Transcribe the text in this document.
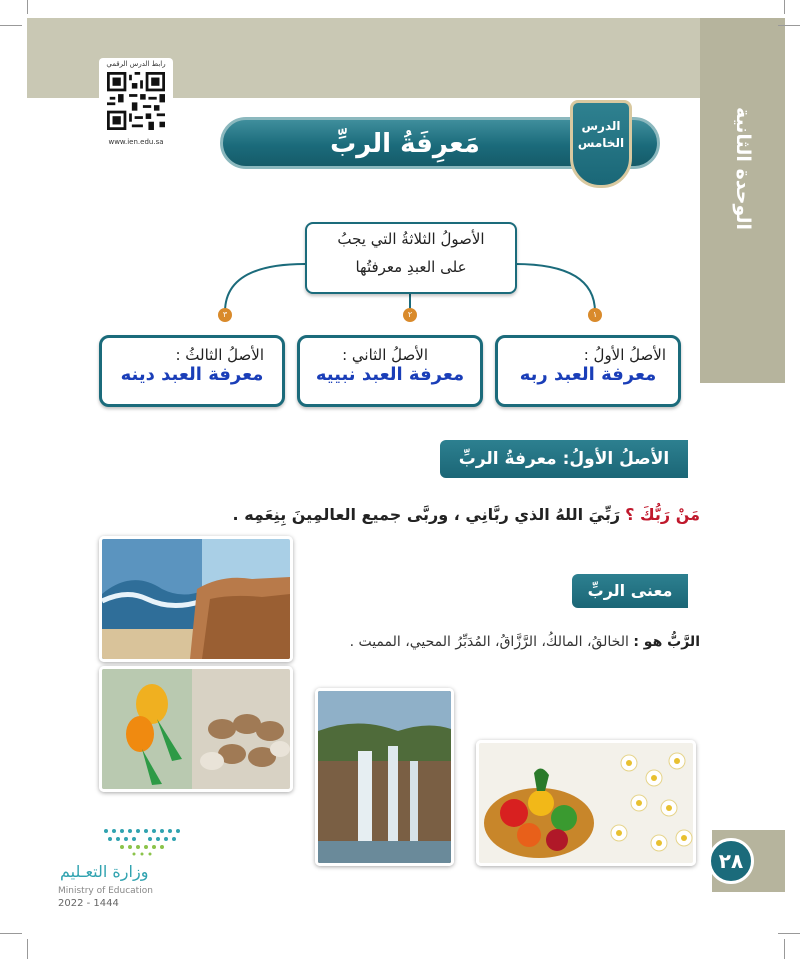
رابط الدرس الرقمي
www.ien.edu.sa	الوحدة الثانية
مَعرِفَةُ الربِّ
الدرس
الخامس
٣	٢	١
الأصولُ الثلاثةُ التي يجبُ
على العبدِ معرفتُها
الأصلُ الأولُ :
معرفة العبد ربه
الأصلُ الثاني :
معرفة العبد نبييه
الأصلُ الثالثُ :
معرفة العبد دينه
الأصلُ الأولُ: معرفةُ الربِّ
مَنْ رَبُّكَ ؟ رَبِّيَ اللهُ الذي ربَّانِي ، وربَّى جميع العالمِينَ بِنِعَمِه .
معنى الربِّ
الرَّبُّ هو : الخالقُ، المالكُ، الرَّزَّاقُ، المُدَبِّرُ المحيي، المميت .
٢٨
وزارة التعـليم
Ministry of Education
2022 - 1444
